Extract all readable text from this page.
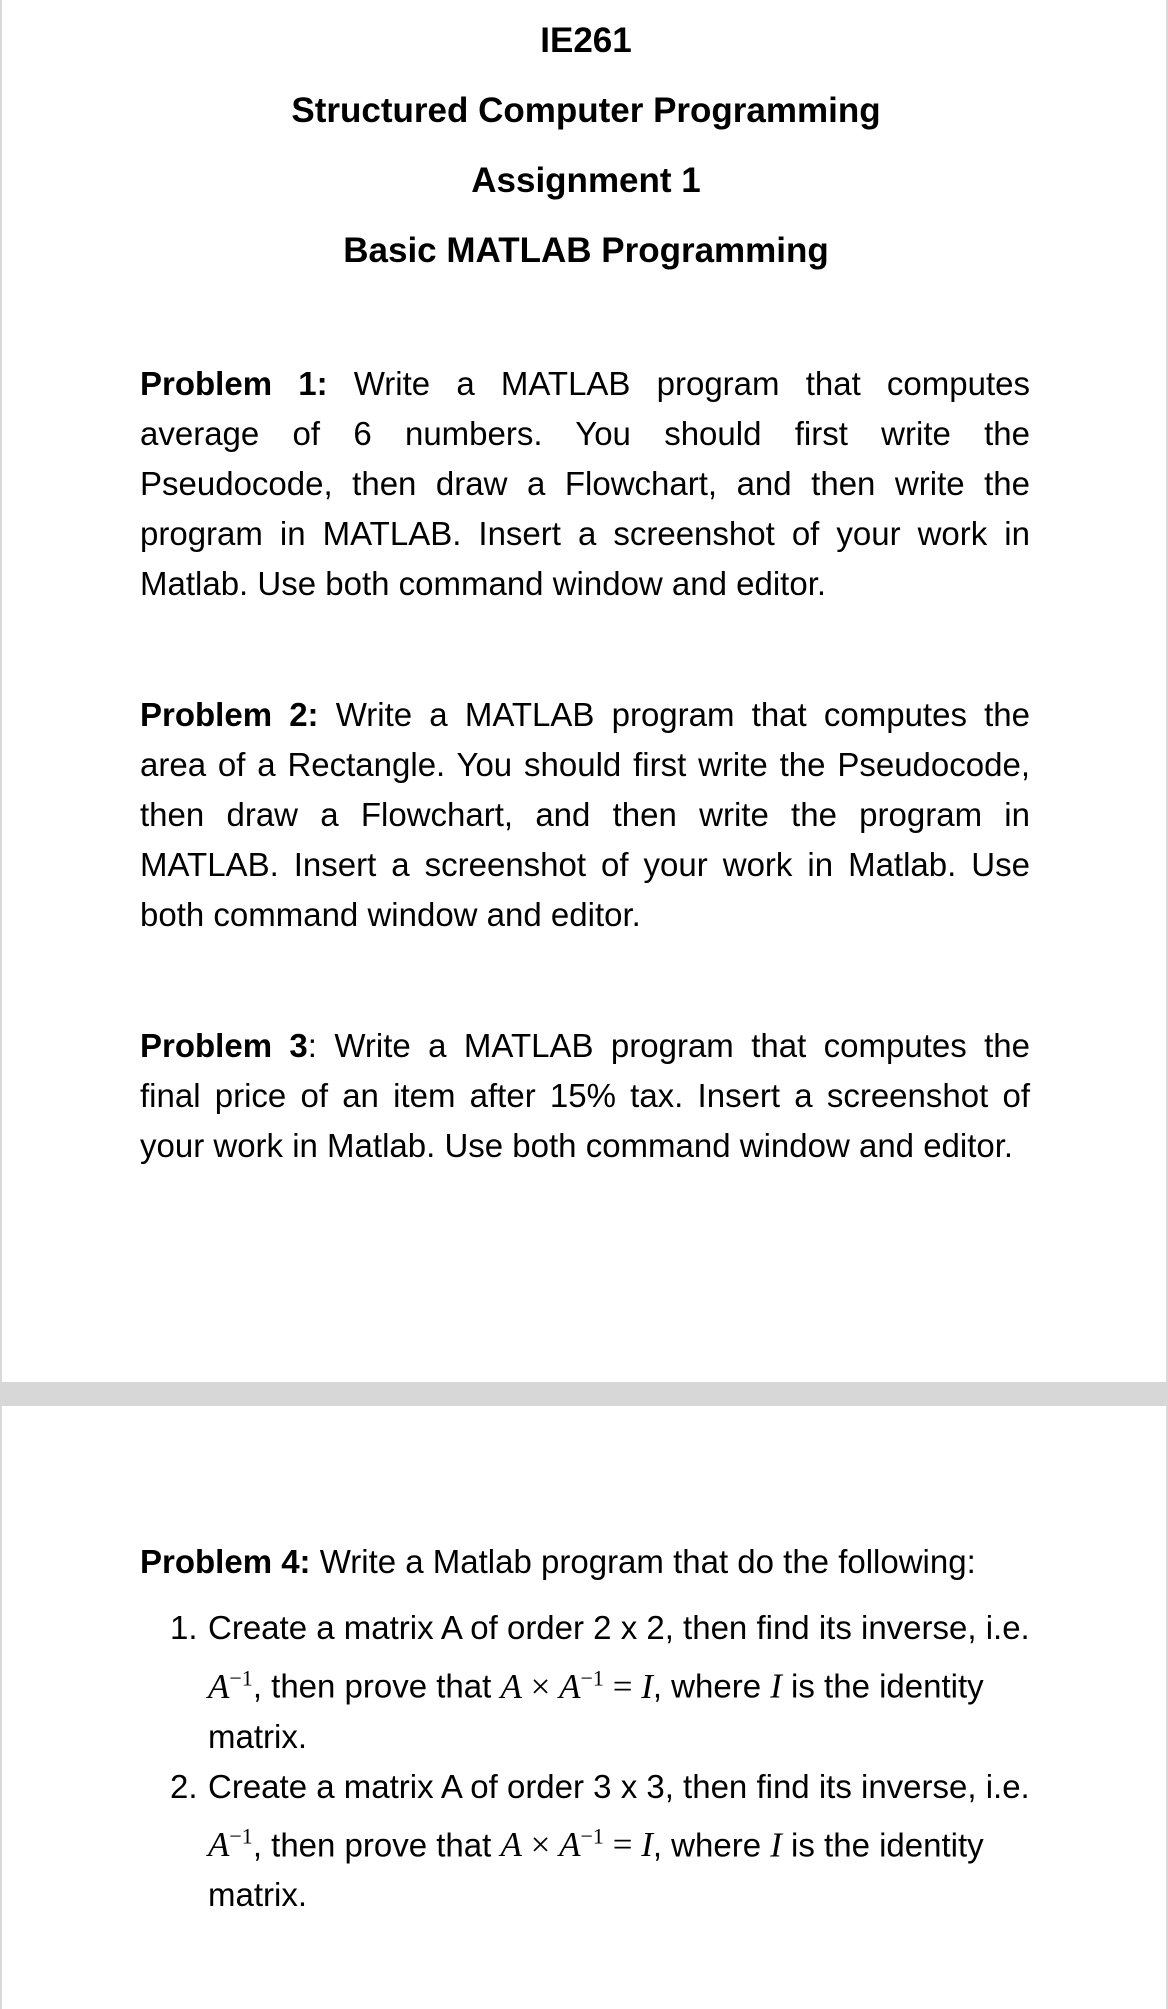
IE261
Structured Computer Programming
Assignment 1
Basic MATLAB Programming
Problem 1: Write a MATLAB program that computes average of 6 numbers. You should first write the Pseudocode, then draw a Flowchart, and then write the program in MATLAB. Insert a screenshot of your work in Matlab. Use both command window and editor.
Problem 2: Write a MATLAB program that computes the area of a Rectangle. You should first write the Pseudocode, then draw a Flowchart, and then write the program in MATLAB. Insert a screenshot of your work in Matlab. Use both command window and editor.
Problem 3: Write a MATLAB program that computes the final price of an item after 15% tax. Insert a screenshot of your work in Matlab. Use both command window and editor.
Problem 4: Write a Matlab program that do the following:
1. Create a matrix A of order 2 x 2, then find its inverse, i.e. $A^{-1}$, then prove that $A \times A^{-1} = I$, where I is the identity matrix.
2. Create a matrix A of order 3 x 3, then find its inverse, i.e. $A^{-1}$, then prove that $A \times A^{-1} = I$, where I is the identity matrix.
